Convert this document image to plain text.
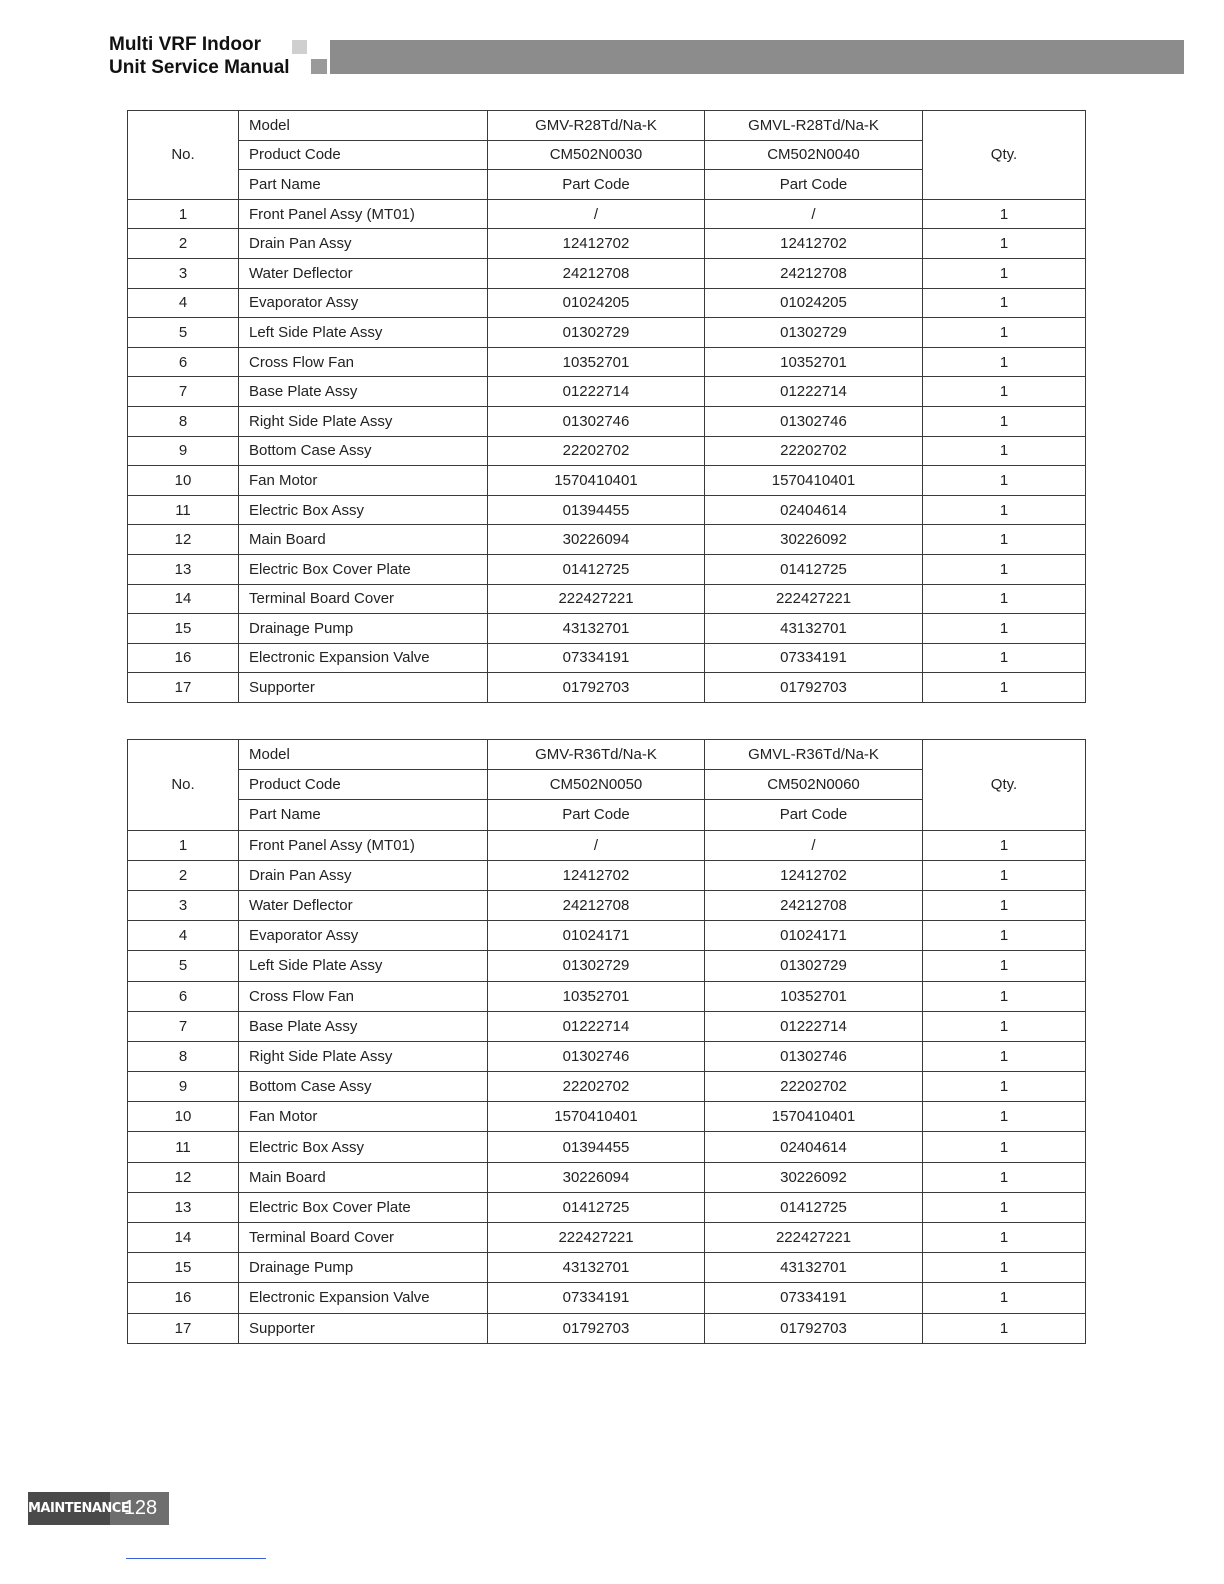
Multi VRF Indoor
Unit Service Manual
No.	Model	GMV-R28Td/Na-K	GMVL-R28Td/Na-K	Qty.
	Product Code	CM502N0030	CM502N0040	
	Part Name	Part Code	Part Code	
1	Front Panel Assy (MT01)	/	/	1
2	Drain Pan Assy	12412702	12412702	1
3	Water Deflector	24212708	24212708	1
4	Evaporator Assy	01024205	01024205	1
5	Left Side Plate Assy	01302729	01302729	1
6	Cross Flow Fan	10352701	10352701	1
7	Base Plate Assy	01222714	01222714	1
8	Right Side Plate Assy	01302746	01302746	1
9	Bottom Case Assy	22202702	22202702	1
10	Fan Motor	1570410401	1570410401	1
11	Electric Box Assy	01394455	02404614	1
12	Main Board	30226094	30226092	1
13	Electric Box Cover Plate	01412725	01412725	1
14	Terminal Board Cover	222427221	222427221	1
15	Drainage Pump	43132701	43132701	1
16	Electronic Expansion Valve	07334191	07334191	1
17	Supporter	01792703	01792703	1
No.	Model	GMV-R36Td/Na-K	GMVL-R36Td/Na-K	Qty.
	Product Code	CM502N0050	CM502N0060	
	Part Name	Part Code	Part Code	
1	Front Panel Assy (MT01)	/	/	1
2	Drain Pan Assy	12412702	12412702	1
3	Water Deflector	24212708	24212708	1
4	Evaporator Assy	01024171	01024171	1
5	Left Side Plate Assy	01302729	01302729	1
6	Cross Flow Fan	10352701	10352701	1
7	Base Plate Assy	01222714	01222714	1
8	Right Side Plate Assy	01302746	01302746	1
9	Bottom Case Assy	22202702	22202702	1
10	Fan Motor	1570410401	1570410401	1
11	Electric Box Assy	01394455	02404614	1
12	Main Board	30226094	30226092	1
13	Electric Box Cover Plate	01412725	01412725	1
14	Terminal Board Cover	222427221	222427221	1
15	Drainage Pump	43132701	43132701	1
16	Electronic Expansion Valve	07334191	07334191	1
17	Supporter	01792703	01792703	1
MAINTENANCE
128
